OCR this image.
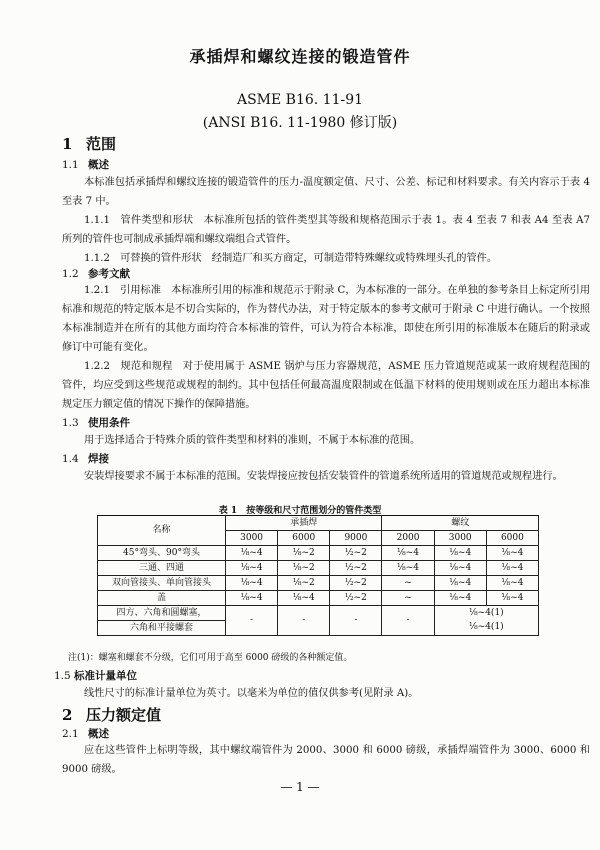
承插焊和螺纹连接的锻造管件
ASME B16. 11-91
(ANSI B16. 11-1980 修订版)
1 范围
1.1 概述
本标准包括承插焊和螺纹连接的锻造管件的压力-温度额定值、尺寸、公差、标记和材料要求。有关内容示于表 4 至表 7 中。
1.1.1　 管件类型和形状　 本标准所包括的管件类型其等级和规格范围示于表 1。表 4 至表 7 和表 A4 至表 A7 所列的管件也可制成承插焊端和螺纹端组合式管件。
1.1.2　 可替换的管件形状　 经制造厂和买方商定，可制造带特殊螺纹或特殊埋头孔的管件。
1.2 参考文献
1.2.1　 引用标准　 本标准所引用的标准和规范示于附录 C，为本标准的一部分。在单独的参考条目上标定所引用标准和规范的特定版本是不切合实际的，作为替代办法，对于特定版本的参考文献可于附录 C 中进行确认。一个按照本标准制造并在所有的其他方面均符合本标准的管件，可认为符合本标准，即使在所引用的标准版本在随后的附录或修订中可能有变化。
1.2.2　 规范和规程　 对于使用属于 ASME 锅炉与压力容器规范，ASME 压力管道规范或某一政府规程范围的管件，均应受到这些规范或规程的制约。其中包括任何最高温度限制或在低温下材料的使用规则或在压力超出本标准规定压力额定值的情况下操作的保障措施。
1.3 使用条件
用于选择适合于特殊介质的管件类型和材料的准则，不属于本标准的范围。
1.4 焊接
安装焊接要求不属于本标准的范围。安装焊接应按包括安装管件的管道系统所适用的管道规范或规程进行。
表 1　按等级和尺寸范围划分的管件类型
名称	承插焊			螺纹		
	3000	6000	9000	2000	3000	6000
45°弯头、90°弯头	⅛~4	⅛~2	½~2	⅛~4	⅛~4	⅛~4
三通、四通	⅛~4	⅛~2	½~2	⅛~4	⅛~4	⅛~4
双向管接头、单向管接头	⅛~4	⅛~2	½~2	~	⅛~4	⅛~4
盖	⅛~4	⅛~4	½~2	~	⅛~4	⅛~4
四方、六角和圆螺塞，	-	-	-	-	⅛~4(1)	
六角和平接螺套					⅛~4(1)	
注(1)：螺塞和螺套不分级，它们可用于高至 6000 磅级的各种额定值。
1.5 标准计量单位
线性尺寸的标准计量单位为英寸。以毫米为单位的值仅供参考(见附录 A)。
2 压力额定值
2.1 概述
应在这些管件上标明等级，其中螺纹端管件为 2000、3000 和 6000 磅级，承插焊端管件为 3000、6000 和 9000 磅级。
— 1 —
